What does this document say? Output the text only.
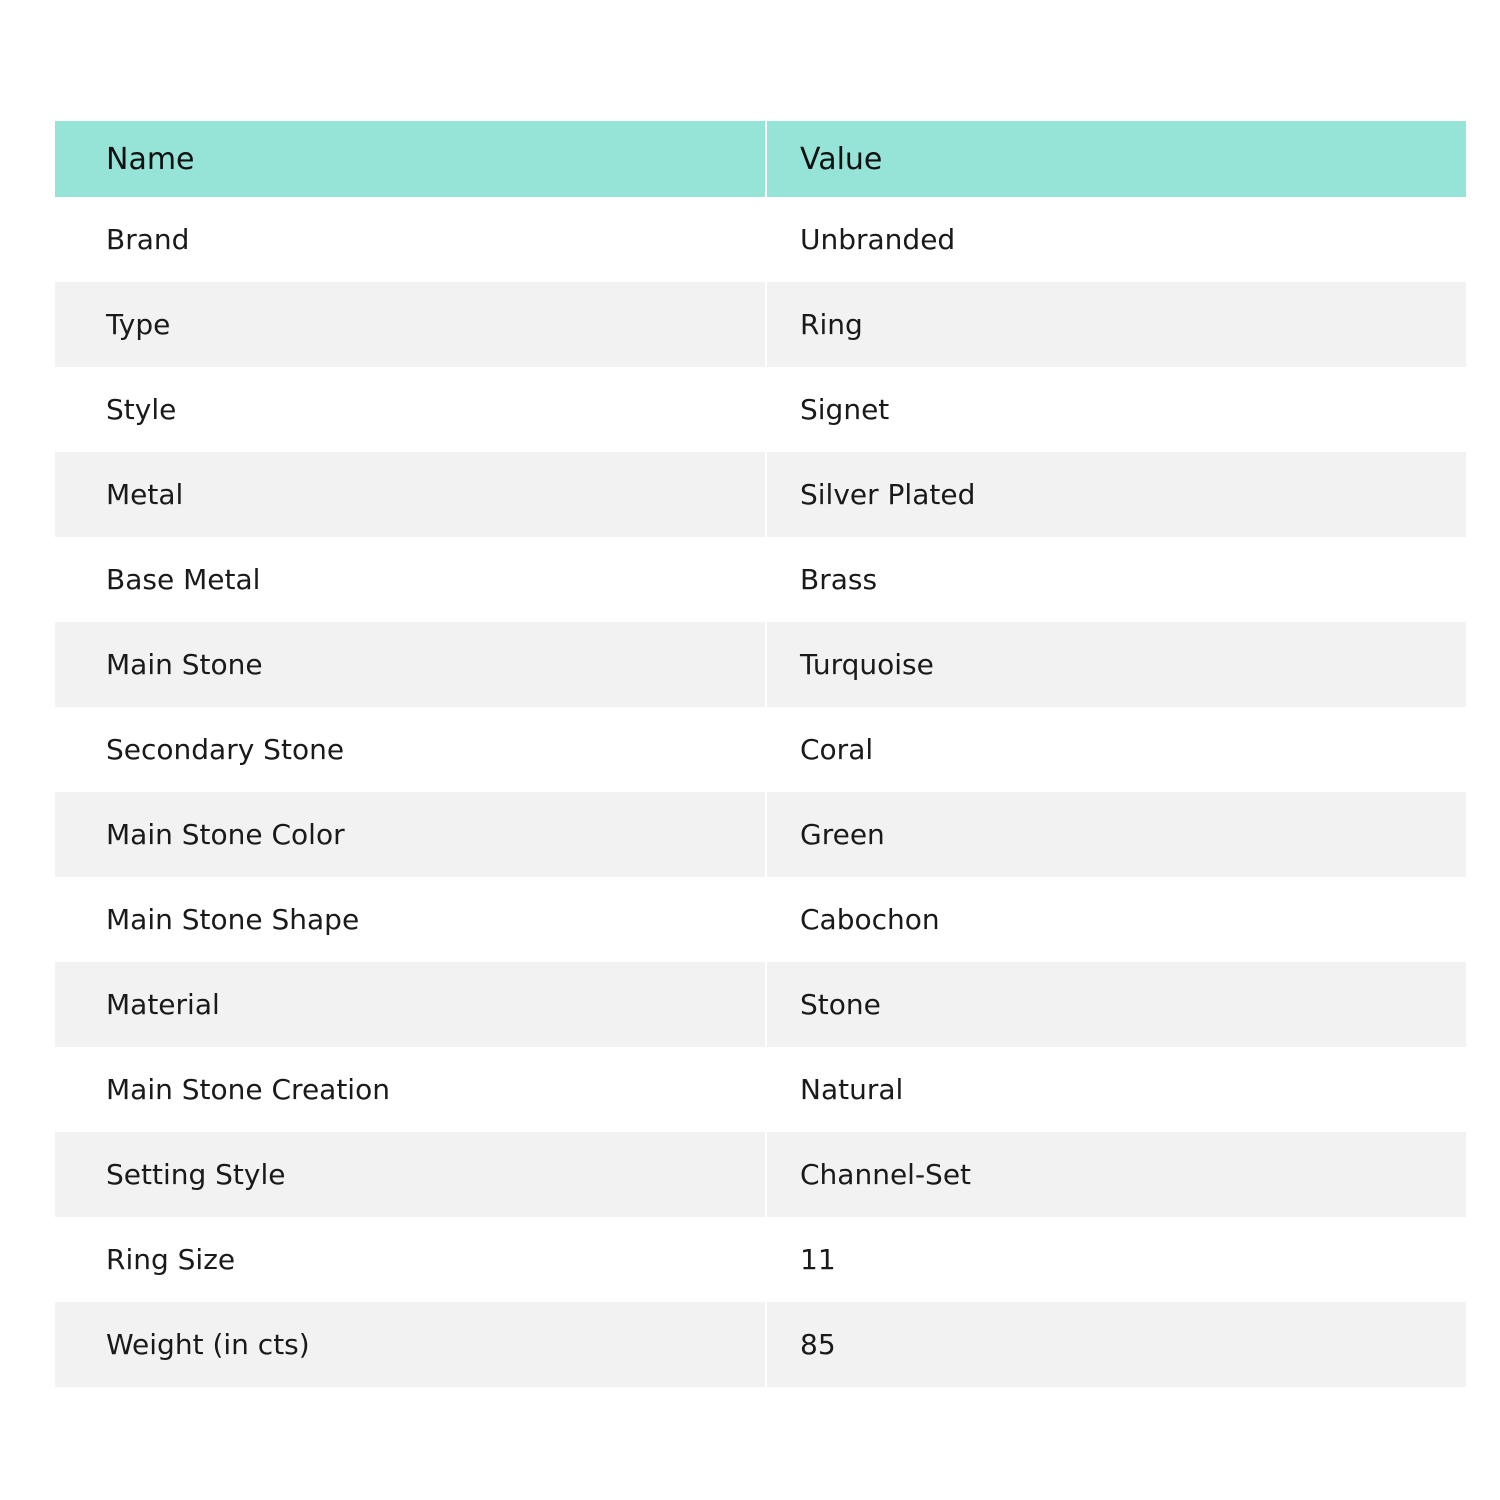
Name	Value
Brand	Unbranded
Type	Ring
Style	Signet
Metal	Silver Plated
Base Metal	Brass
Main Stone	Turquoise
Secondary Stone	Coral
Main Stone Color	Green
Main Stone Shape	Cabochon
Material	Stone
Main Stone Creation	Natural
Setting Style	Channel-Set
Ring Size	11
Weight (in cts)	85
